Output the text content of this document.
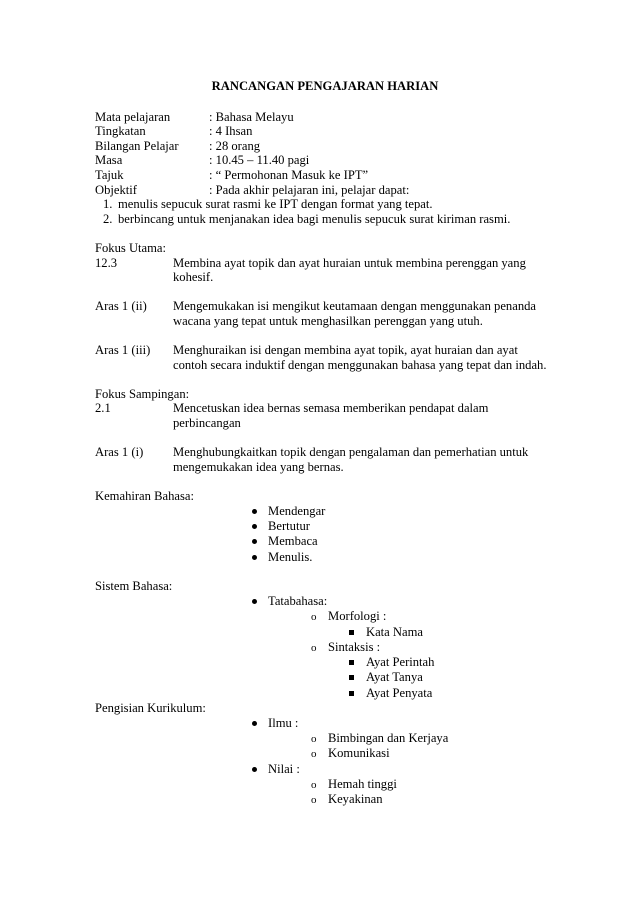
RANCANGAN PENGAJARAN HARIAN
Mata pelajaran	: Bahasa Melayu
Tingkatan	: 4 Ihsan
Bilangan Pelajar	: 28 orang
Masa	: 10.45 – 11.40 pagi
Tajuk	: “ Permohonan Masuk ke IPT”
Objektif	: Pada akhir pelajaran ini, pelajar dapat:
1. menulis sepucuk surat rasmi ke IPT dengan format yang tepat.
2. berbincang untuk menjanakan idea bagi menulis sepucuk surat kiriman rasmi.
Fokus Utama:
12.3	Membina ayat topik dan ayat huraian untuk membina perenggan yang kohesif.
Aras 1 (ii)	Mengemukakan isi mengikut keutamaan dengan menggunakan penanda wacana yang tepat untuk menghasilkan perenggan yang utuh.
Aras 1 (iii)	Menghuraikan isi dengan membina ayat topik, ayat huraian dan ayat contoh secara induktif dengan menggunakan bahasa yang tepat dan indah.
Fokus Sampingan:
2.1	Mencetuskan idea bernas semasa memberikan pendapat dalam perbincangan
Aras 1 (i)	Menghubungkaitkan topik dengan pengalaman dan pemerhatian untuk mengemukakan idea yang bernas.
Kemahiran Bahasa:
Mendengar
Bertutur
Membaca
Menulis.
Sistem Bahasa:
Tatabahasa:
o Morfologi :
Kata Nama
o Sintaksis :
Ayat Perintah
Ayat Tanya
Ayat Penyata
Pengisian Kurikulum:
Ilmu :
o Bimbingan dan Kerjaya
o Komunikasi
Nilai :
o Hemah tinggi
o Keyakinan
